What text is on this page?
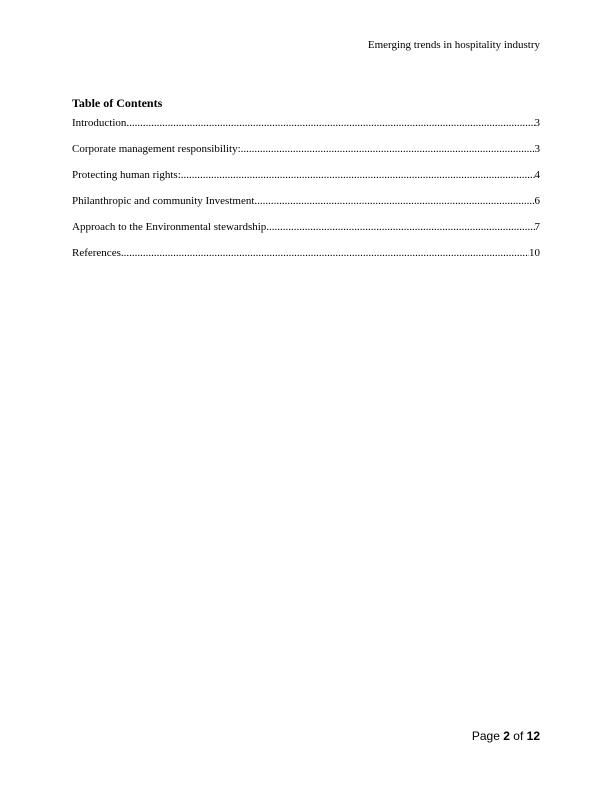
Emerging trends in hospitality industry
Table of Contents
Introduction .....	3
Corporate management responsibility: .....	3
Protecting human rights: .....	4
Philanthropic and community Investment .....	6
Approach to the Environmental stewardship .....	7
References .....	10
Page 2 of 12
